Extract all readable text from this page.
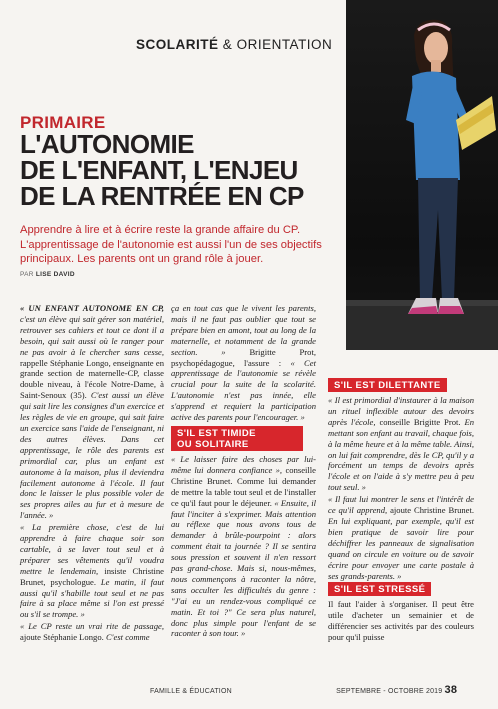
SCOLARITÉ & ORIENTATION
PRIMAIRE
L'AUTONOMIE
DE L'ENFANT, L'ENJEU
DE LA RENTRÉE EN CP
Apprendre à lire et à écrire reste la grande affaire du CP. L'apprentissage de l'autonomie est aussi l'un de ses objectifs principaux. Les parents ont un grand rôle à jouer.
PAR LISE DAVID

« UN ENFANT AUTONOME EN CP, c'est un élève qui sait gérer son matériel, retrouver ses cahiers et tout ce dont il a besoin, qui sait aussi où le ranger pour ne pas avoir à le chercher sans cesse, rappelle Stéphanie Longo, enseignante en grande section de maternelle-CP, classe double niveau, à l'école Notre-Dame, à Saint-Senoux (35). C'est aussi un élève qui sait lire les consignes d'un exercice et les règles de vie en groupe, qui sait faire un exercice sans l'aide de l'enseignant, ni des autres élèves. Dans cet apprentissage, le rôle des parents est primordial car, plus un enfant est autonome à la maison, plus il deviendra facilement autonome à l'école. Il faut donc le laisser le plus possible voler de ses propres ailes au fur et à mesure de l'année. »

« La première chose, c'est de lui apprendre à faire chaque soir son cartable, à se laver tout seul et à préparer ses vêtements qu'il voudra mettre le lendemain, insiste Christine Brunet, psychologue. Le matin, il faut aussi qu'il s'habille tout seul et ne pas faire à sa place même si l'on est pressé ou s'il se trompe. »

« Le CP reste un vrai rite de passage, ajoute Stéphanie Longo. C'est comme

ça en tout cas que le vivent les parents, mais il ne faut pas oublier que tout se prépare bien en amont, tout au long de la maternelle, et notamment de la grande section. »	Brigitte Prot, psychopédagogue, l'assure : « Cet apprentissage de l'autonomie se révèle crucial pour la suite de la scolarité. L'autonomie n'est pas innée, elle s'apprend et requiert la participation active des parents pour l'encourager. »

S'IL EST TIMIDE
OU SOLITAIRE

« Le laisser faire des choses par lui-même lui donnera confiance », conseille Christine Brunet. Comme lui demander de mettre la table tout seul et de l'installer ce qu'il faut pour le déjeuner. « Ensuite, il faut l'inciter à s'exprimer. Mais attention au réflexe que nous avons tous de demander à brûle-pourpoint : alors comment était ta journée ? Il se sentira sous pression et souvent il n'en ressort pas grand-chose. Mais si, nous-mêmes, nous commençons à raconter la nôtre, sans occulter les difficultés du genre : "J'ai eu un rendez-vous compliqué ce matin. Et toi ?" Ce sera plus naturel, donc plus simple pour l'enfant de se raconter à son tour. »

S'IL EST DILETTANTE

« Il est primordial d'instaurer à la maison un rituel inflexible autour des devoirs après l'école, conseille Brigitte Prot. En mettant son enfant au travail, chaque fois, à la même heure et à la même table. Ainsi, on lui fait comprendre, dès le CP, qu'il y a forcément un temps de devoirs après l'école et on l'aide à s'y mettre peu à peu tout seul. »

« Il faut lui montrer le sens et l'intérêt de ce qu'il apprend, ajoute Christine Brunet. En lui expliquant, par exemple, qu'il est bien pratique de savoir lire pour déchiffrer les panneaux de signalisation quand on circule en voiture ou de savoir écrire pour envoyer une carte postale à ses grands-parents. »

S'IL EST STRESSÉ

Il faut l'aider à s'organiser. Il peut être utile d'acheter un semainier et de différencier ses activités par des couleurs pour qu'il puisse

FAMILLE & ÉDUCATION	SEPTEMBRE - OCTOBRE 2019 38
